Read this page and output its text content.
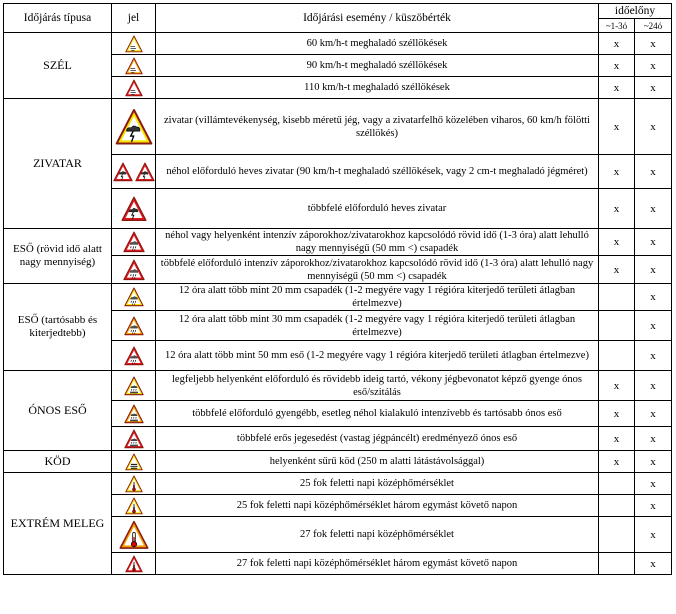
Időjárás típusa	jel	Időjárási esemény / küszöbérték	időelőny	
			~1-3ó	~24ó
SZÉL		60 km/h-t meghaladó széllökések	x	x

	90 km/h-t meghaladó széllökések	x	x

	110 km/h-t meghaladó széllökések	x	x
ZIVATAR		zivatar (villámtevékenység, kisebb méretű jég, vagy a zivatarfelhő közelében viharos, 60 km/h fölötti széllökés)	x	x

	néhol előforduló heves zivatar (90 km/h-t meghaladó széllökések, vagy 2 cm-t meghaladó jégméret)	x	x

	többfelé előforduló heves zivatar	x	x
ESŐ (rövid idő alatt nagy mennyiség)		néhol vagy helyenként intenzív záporokhoz/zivatarokhoz kapcsolódó rövid idő (1-3 óra) alatt lehulló nagy mennyiségű (50 mm <) csapadék	x	x

	többfelé előforduló intenzív záporokhoz/zivatarokhoz kapcsolódó rövid idő (1-3 óra) alatt lehulló nagy mennyiségű (50 mm <) csapadék	x	x
ESŐ (tartósabb és kiterjedtebb)		12 óra alatt több mint 20 mm csapadék (1-2 megyére vagy 1 régióra kiterjedő területi átlagban értelmezve)		x

	12 óra alatt több mint 30 mm csapadék (1-2 megyére vagy 1 régióra kiterjedő területi átlagban értelmezve)		x

	12 óra alatt több mint 50 mm eső (1-2 megyére vagy 1 régióra kiterjedő területi átlagban értelmezve)		x
ÓNOS ESŐ		legfeljebb helyenként előforduló és rövidebb ideig tartó, vékony jégbevonatot képző gyenge ónos eső/szitálás	x	x

	többfelé előforduló gyengébb, esetleg néhol kialakuló intenzívebb és tartósabb ónos eső	x	x

	többfelé erős jegesedést (vastag jégpáncélt) eredményező ónos eső	x	x
KÖD		helyenként sűrű köd (250 m alatti látástávolsággal)	x	x
EXTRÉM MELEG		25 fok feletti napi középhőmérséklet		x

	25 fok feletti napi középhőmérséklet három egymást követő napon		x

	27 fok feletti napi középhőmérséklet		x

	27 fok feletti napi középhőmérséklet három egymást követő napon		x
